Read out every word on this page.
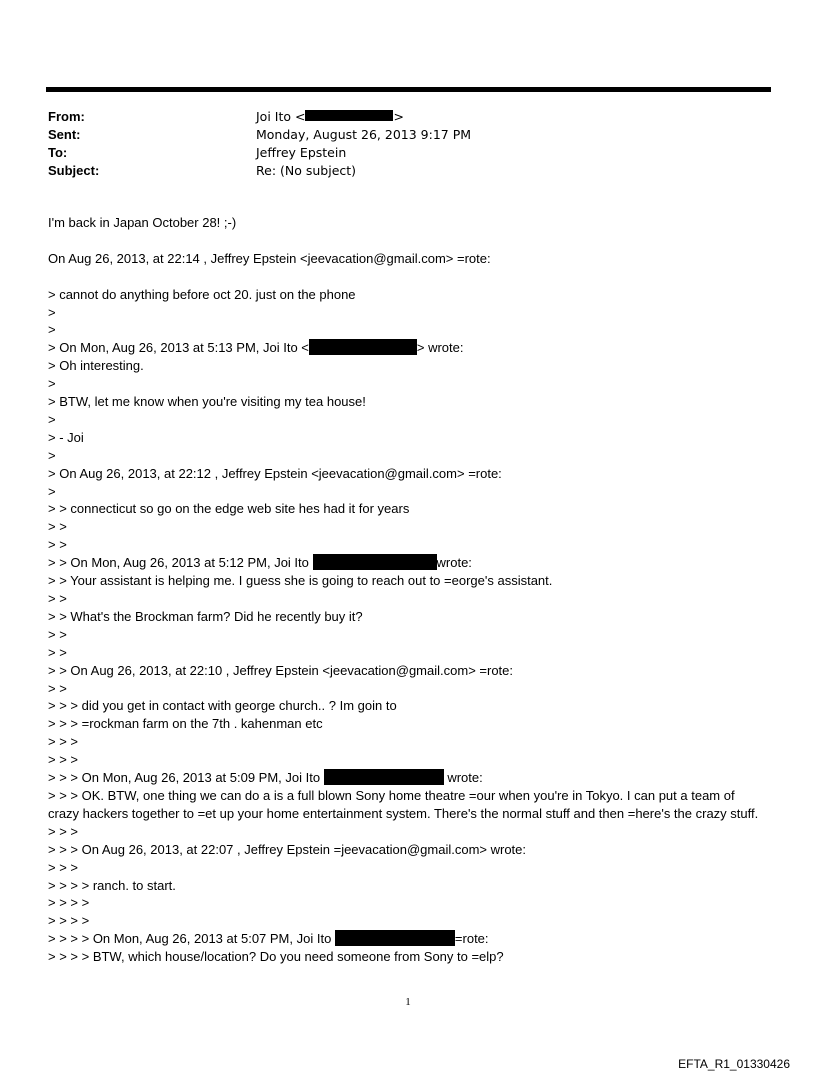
From:	Joi Ito <	>
Sent:	Monday, August 26, 2013 9:17 PM
To:	Jeffrey Epstein
Subject:	Re: (No subject)
I'm back in Japan October 28! ;-)
On Aug 26, 2013, at 22:14 , Jeffrey Epstein <jeevacation@gmail.com> =rote:
> cannot do anything before oct 20. just on the phone
>
>
> On Mon, Aug 26, 2013 at 5:13 PM, Joi Ito <	> wrote:
> Oh interesting.
>
> BTW, let me know when you're visiting my tea house!
>
> - Joi
>
> On Aug 26, 2013, at 22:12 , Jeffrey Epstein <jeevacation@gmail.com> =rote:
>
> > connecticut so go on the edge web site hes had it for years
> >
> >
> > On Mon, Aug 26, 2013 at 5:12 PM, Joi Ito	wrote:
> > Your assistant is helping me. I guess she is going to reach out to =eorge's assistant.
> >
> > What's the Brockman farm? Did he recently buy it?
> >
> >
> > On Aug 26, 2013, at 22:10 , Jeffrey Epstein <jeevacation@gmail.com> =rote:
> >
> > > did you get in contact with george church.. ? Im goin to
> > > =rockman farm on the 7th . kahenman etc
> > >
> > >
> > > On Mon, Aug 26, 2013 at 5:09 PM, Joi Ito	wrote:
> > > OK. BTW, one thing we can do a is a full blown Sony home theatre =our when you're in Tokyo. I can put a team of crazy hackers together to =et up your home entertainment system. There's the normal stuff and then =here's the crazy stuff.
> > >
> > > On Aug 26, 2013, at 22:07 , Jeffrey Epstein =jeevacation@gmail.com> wrote:
> > >
> > > > ranch. to start.
> > > >
> > > >
> > > > On Mon, Aug 26, 2013 at 5:07 PM, Joi Ito	=rote:
> > > > BTW, which house/location? Do you need someone from Sony to =elp?
1
EFTA_R1_01330426
